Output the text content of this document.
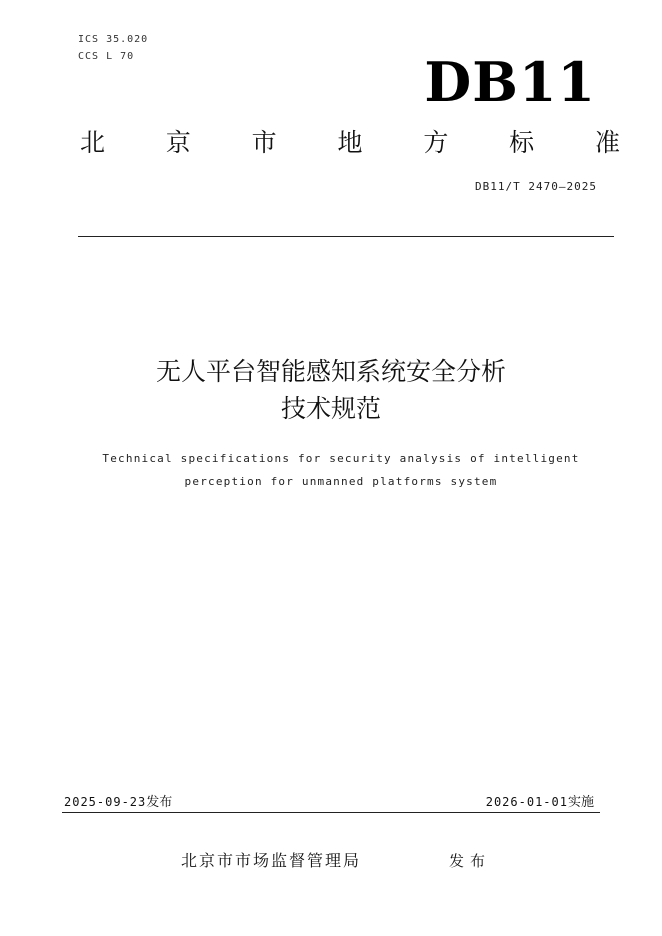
ICS 35.020
CCS L 70	DB11
北 京 市 地 方 标 准
DB11/T 2470—2025
无人平台智能感知系统安全分析
技术规范
Technical specifications for security analysis of intelligent
perception for unmanned platforms system
2025-09-23发布	2026-01-01实施
北京市市场监督管理局	发布
